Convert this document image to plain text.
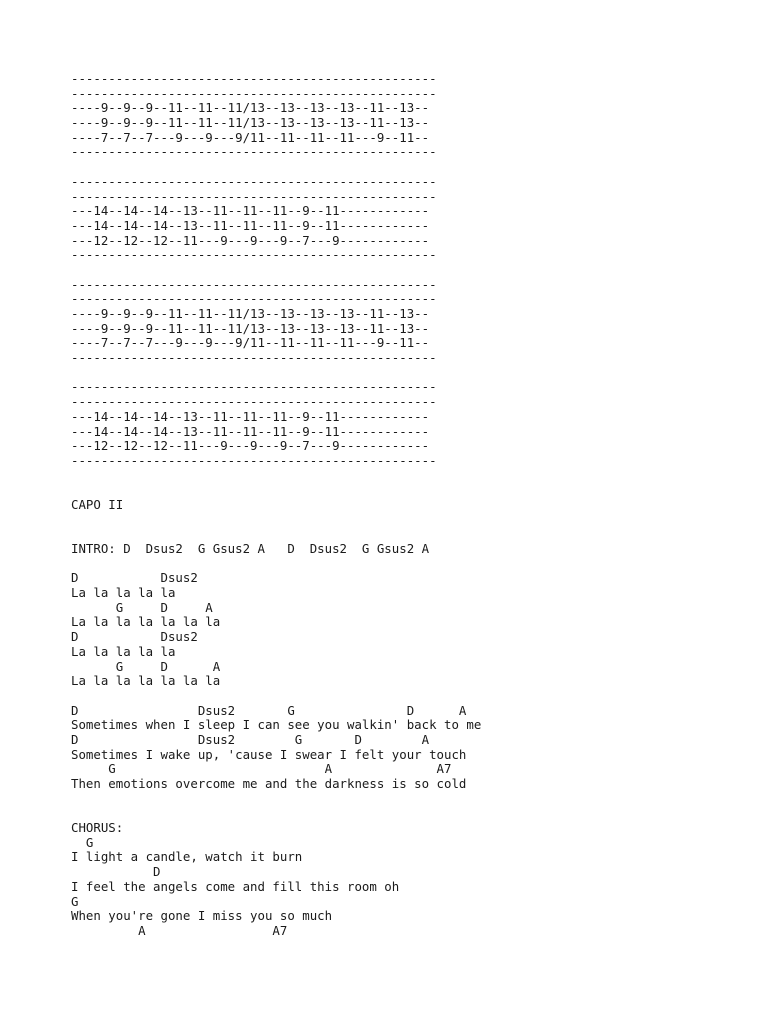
-------------------------------------------------
-------------------------------------------------
----9--9--9--11--11--11/13--13--13--13--11--13--
----9--9--9--11--11--11/13--13--13--13--11--13--
----7--7--7---9---9---9/11--11--11--11---9--11--
-------------------------------------------------
-------------------------------------------------
-------------------------------------------------
---14--14--14--13--11--11--11--9--11------------
---14--14--14--13--11--11--11--9--11------------
---12--12--12--11---9---9---9--7---9------------
-------------------------------------------------
-------------------------------------------------
-------------------------------------------------
----9--9--9--11--11--11/13--13--13--13--11--13--
----9--9--9--11--11--11/13--13--13--13--11--13--
----7--7--7---9---9---9/11--11--11--11---9--11--
-------------------------------------------------
-------------------------------------------------
-------------------------------------------------
---14--14--14--13--11--11--11--9--11------------
---14--14--14--13--11--11--11--9--11------------
---12--12--12--11---9---9---9--7---9------------
-------------------------------------------------
CAPO II
INTRO: D  Dsus2  G Gsus2 A   D  Dsus2  G Gsus2 A
D           Dsus2
La la la la la
G     D     A
La la la la la la la
D           Dsus2
La la la la la
G     D      A
La la la la la la la
D                Dsus2       G               D      A
Sometimes when I sleep I can see you walkin' back to me
D                Dsus2        G       D        A
Sometimes I wake up, 'cause I swear I felt your touch
G                            A              A7
Then emotions overcome me and the darkness is so cold
CHORUS:
G
I light a candle, watch it burn
D
I feel the angels come and fill this room oh
G
When you're gone I miss you so much
A                 A7
